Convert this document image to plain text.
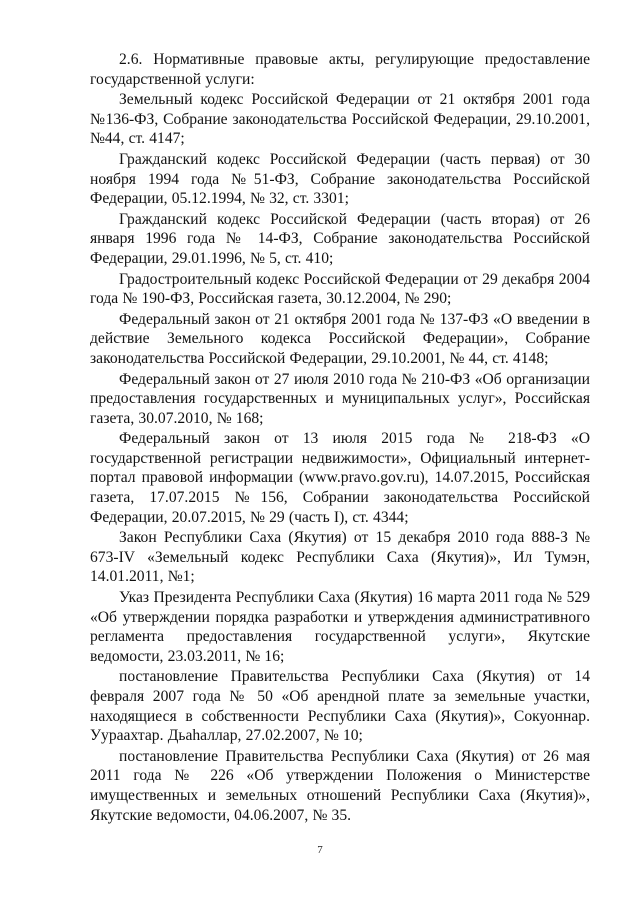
2.6. Нормативные правовые акты, регулирующие предоставление государственной услуги:

Земельный кодекс Российской Федерации от 21 октября 2001 года №136-ФЗ, Собрание законодательства Российской Федерации, 29.10.2001, №44, ст. 4147;

Гражданский кодекс Российской Федерации (часть первая) от 30 ноября 1994 года №51-ФЗ, Собрание законодательства Российской Федерации, 05.12.1994, № 32, ст. 3301;

Гражданский кодекс Российской Федерации (часть вторая) от 26 января 1996 года № 14-ФЗ, Собрание законодательства Российской Федерации, 29.01.1996, № 5, ст. 410;

Градостроительный кодекс Российской Федерации от 29 декабря 2004 года № 190-ФЗ, Российская газета, 30.12.2004, № 290;

Федеральный закон от 21 октября 2001 года № 137-ФЗ «О введении в действие Земельного кодекса Российской Федерации», Собрание законодательства Российской Федерации, 29.10.2001, № 44, ст. 4148;

Федеральный закон от 27 июля 2010 года № 210-ФЗ «Об организации предоставления государственных и муниципальных услуг», Российская газета, 30.07.2010, № 168;

Федеральный закон от 13 июля 2015 года № 218-ФЗ «О государственной регистрации недвижимости», Официальный интернет-портал правовой информации (www.pravo.gov.ru), 14.07.2015, Российская газета, 17.07.2015 №156, Собрании законодательства Российской Федерации, 20.07.2015, № 29 (часть I), ст. 4344;

Закон Республики Саха (Якутия) от 15 декабря 2010 года 888-З № 673-IV «Земельный кодекс Республики Саха (Якутия)», Ил Тумэн, 14.01.2011, №1;

Указ Президента Республики Саха (Якутия) 16 марта 2011 года № 529 «Об утверждении порядка разработки и утверждения административного регламента предоставления государственной услуги», Якутские ведомости, 23.03.2011, № 16;

постановление Правительства Республики Саха (Якутия) от 14 февраля 2007 года № 50 «Об арендной плате за земельные участки, находящиеся в собственности Республики Саха (Якутия)», Сокуоннар. Уураахтар. Дьаһаллар, 27.02.2007, № 10;

постановление Правительства Республики Саха (Якутия) от 26 мая 2011 года № 226 «Об утверждении Положения о Министерстве имущественных и земельных отношений Республики Саха (Якутия)», Якутские ведомости, 04.06.2007, № 35.

7
